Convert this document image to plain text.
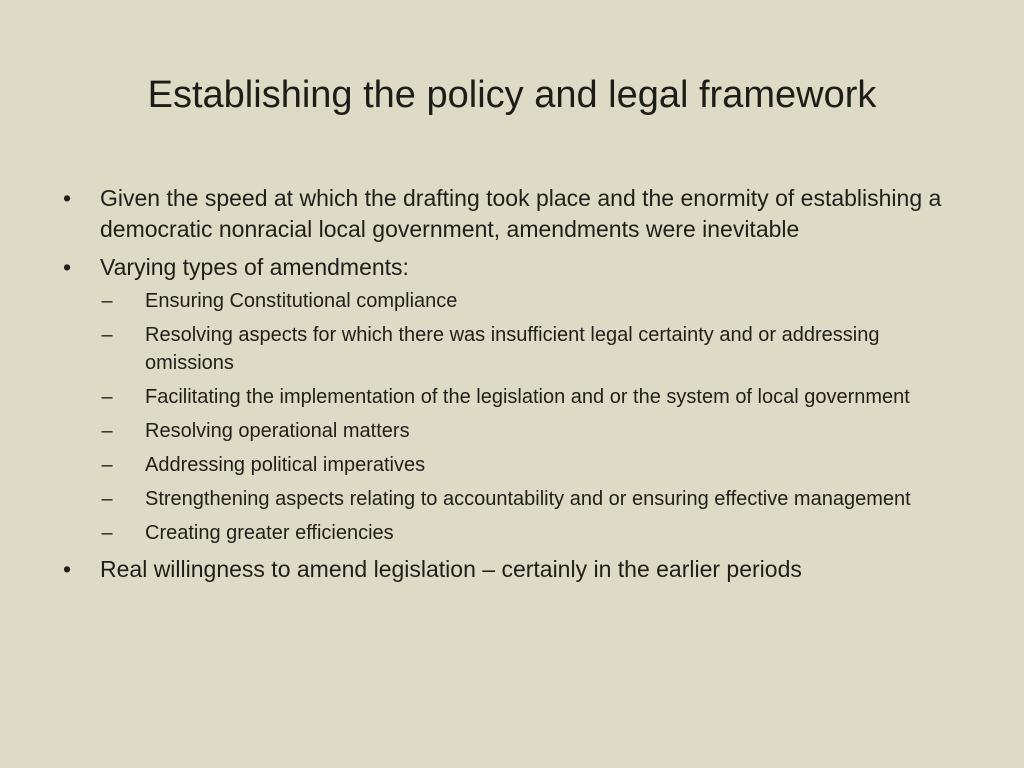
Establishing the policy and legal framework
• Given the speed at which the drafting took place and the enormity of establishing a democratic nonracial local government, amendments were inevitable
• Varying types of amendments:
– Ensuring Constitutional compliance
– Resolving aspects for which there was insufficient legal certainty and or addressing omissions
– Facilitating the implementation of the legislation and or the system of local government
– Resolving operational matters
– Addressing political imperatives
– Strengthening aspects relating to accountability and or ensuring effective management
– Creating greater efficiencies
• Real willingness to amend legislation – certainly in the earlier periods
